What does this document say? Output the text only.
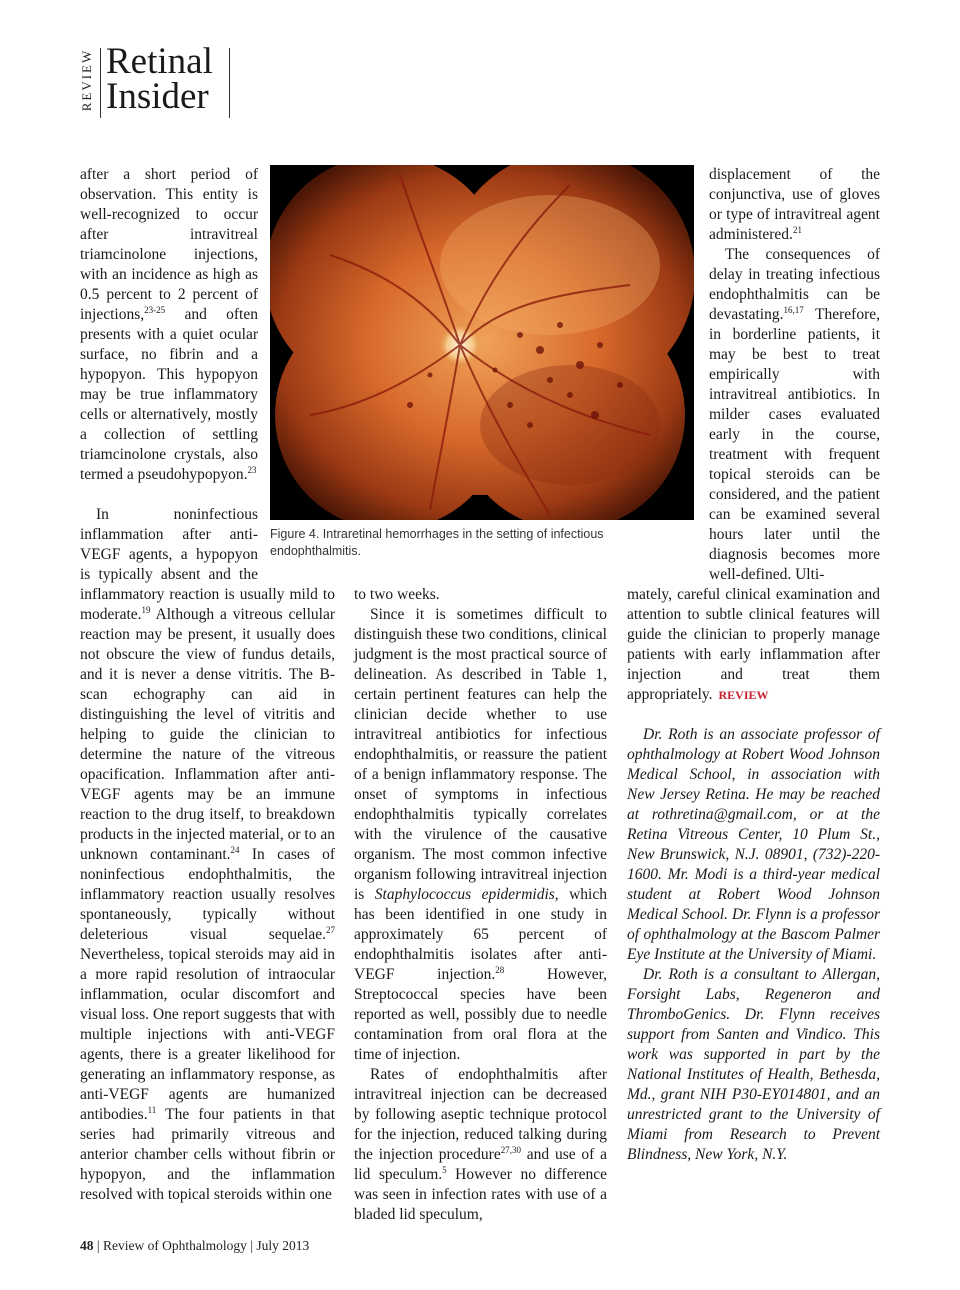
REVIEW Retinal
Insider

after a short period of observation. This entity is well-recognized to occur after intravitreal triamcinolone injections, with an incidence as high as 0.5 percent to 2 percent of injections,$^{23-25}$ and often presents with a quiet ocular surface, no fibrin and a hypopyon. This hypopyon may be true inflammatory cells or alternatively, mostly a collection of settling triamcinolone crystals, also termed a pseudohypopyon.$^{23}$

In noninfectious inflammation after anti-VEGF agents, a hypopyon is typically absent and the inflammatory reaction is usually mild to moderate.$^{19}$ Although a vitreous cellular reaction may be present, it usually does not obscure the view of fundus details, and it is never a dense vitritis. The B-scan echography can aid in distinguishing the level of vitritis and helping to guide the clinician to determine the nature of the vitreous opacification. Inflammation after anti-VEGF agents may be an immune reaction to the drug itself, to breakdown products in the injected material, or to an unknown contaminant.$^{24}$ In cases of noninfectious endophthalmitis, the inflammatory reaction usually resolves spontaneously, typically without deleterious visual sequelae.$^{27}$ Nevertheless, topical steroids may aid in a more rapid resolution of intraocular inflammation, ocular discomfort and visual loss. One report suggests that with multiple injections with anti-VEGF agents, there is a greater likelihood for generating an inflammatory response, as anti-VEGF agents are humanized antibodies.$^{11}$ The four patients in that series had primarily vitreous and anterior chamber cells without fibrin or hypopyon, and the inflammation resolved with topical steroids within one

Figure 4. Intraretinal hemorrhages in the setting of infectious endophthalmitis.

to two weeks.

Since it is sometimes difficult to distinguish these two conditions, clinical judgment is the most practical source of delineation. As described in Table 1, certain pertinent features can help the clinician decide whether to use intravitreal antibiotics for infectious endophthalmitis, or reassure the patient of a benign inflammatory response. The onset of symptoms in infectious endophthalmitis typically correlates with the virulence of the causative organism. The most common infective organism following intravitreal injection is Staphylococcus epidermidis, which has been identified in one study in approximately 65 percent of endophthalmitis isolates after anti-VEGF injection.$^{28}$ However, Streptococcal species have been reported as well, possibly due to needle contamination from oral flora at the time of injection.

Rates of endophthalmitis after intravitreal injection can be decreased by following aseptic technique protocol for the injection, reduced talking during the injection procedure$^{27,30}$ and use of a lid speculum.$^5$ However no difference was seen in infection rates with use of a bladed lid speculum,

displacement of the conjunctiva, use of gloves or type of intravitreal agent administered.$^{21}$

The consequences of delay in treating infectious endophthalmitis can be devastating.$^{16,17}$ Therefore, in borderline patients, it may be best to treat empirically with intravitreal antibiotics. In milder cases evaluated early in the course, treatment with frequent topical steroids can be considered, and the patient can be examined several hours later until the diagnosis becomes more well-defined. Ulti-

mately, careful clinical examination and attention to subtle clinical features will guide the clinician to properly manage patients with early inflammation after injection and treat them appropriately. REVIEW

Dr. Roth is an associate professor of ophthalmology at Robert Wood Johnson Medical School, in association with New Jersey Retina. He may be reached at rothretina@gmail.com, or at the Retina Vitreous Center, 10 Plum St., New Brunswick, N.J. 08901, (732)-220-1600. Mr. Modi is a third-year medical student at Robert Wood Johnson Medical School. Dr. Flynn is a professor of ophthalmology at the Bascom Palmer Eye Institute at the University of Miami.

Dr. Roth is a consultant to Allergan, Forsight Labs, Regeneron and ThromboGenics. Dr. Flynn receives support from Santen and Vindico. This work was supported in part by the National Institutes of Health, Bethesda, Md., grant NIH P30-EY014801, and an unrestricted grant to the University of Miami from Research to Prevent Blindness, New York, N.Y.

48 | Review of Ophthalmology | July 2013
